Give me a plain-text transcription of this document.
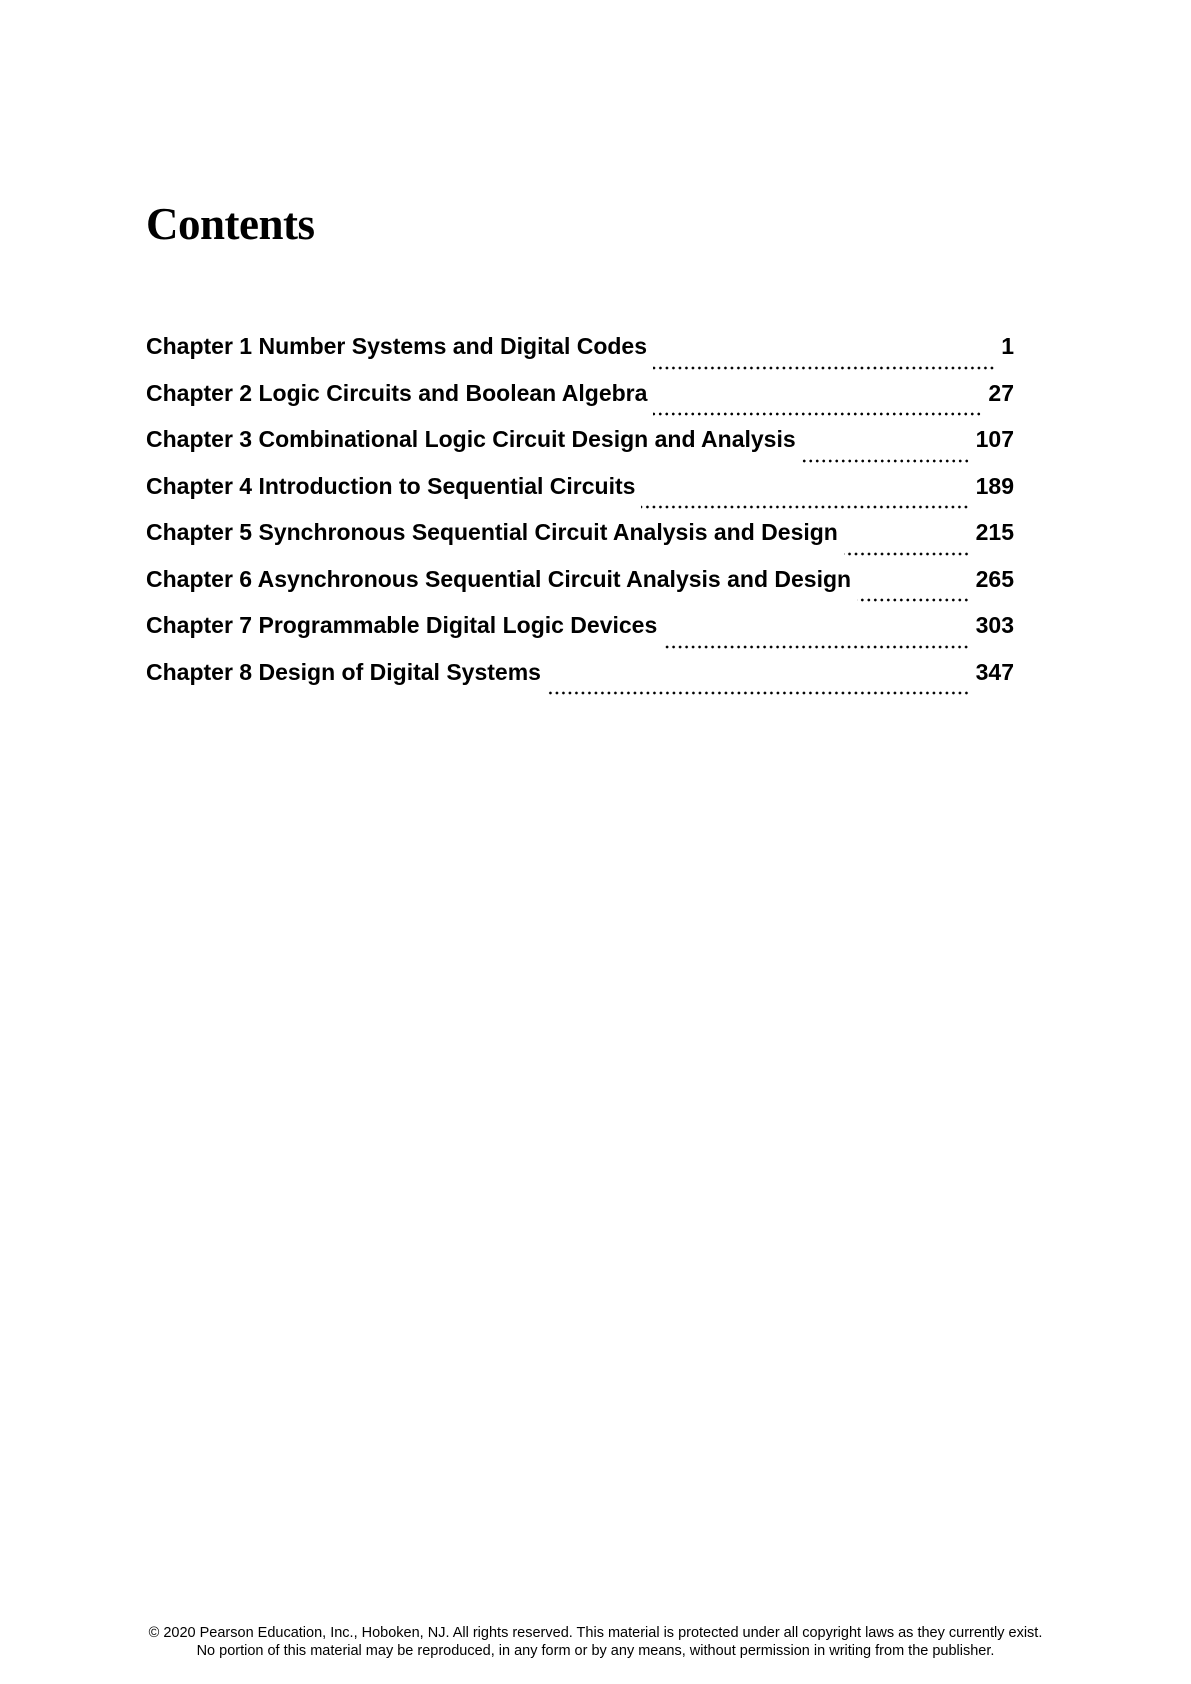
Contents
Chapter 1 Number Systems and Digital Codes	1
Chapter 2 Logic Circuits and Boolean Algebra	27
Chapter 3 Combinational Logic Circuit Design and Analysis	107
Chapter 4 Introduction to Sequential Circuits	189
Chapter 5 Synchronous Sequential Circuit Analysis and Design	215
Chapter 6 Asynchronous Sequential Circuit Analysis and Design	265
Chapter 7 Programmable Digital Logic Devices	303
Chapter 8 Design of Digital Systems	347

© 2020 Pearson Education, Inc., Hoboken, NJ. All rights reserved. This material is protected under all copyright laws as they currently exist.
No portion of this material may be reproduced, in any form or by any means, without permission in writing from the publisher.
